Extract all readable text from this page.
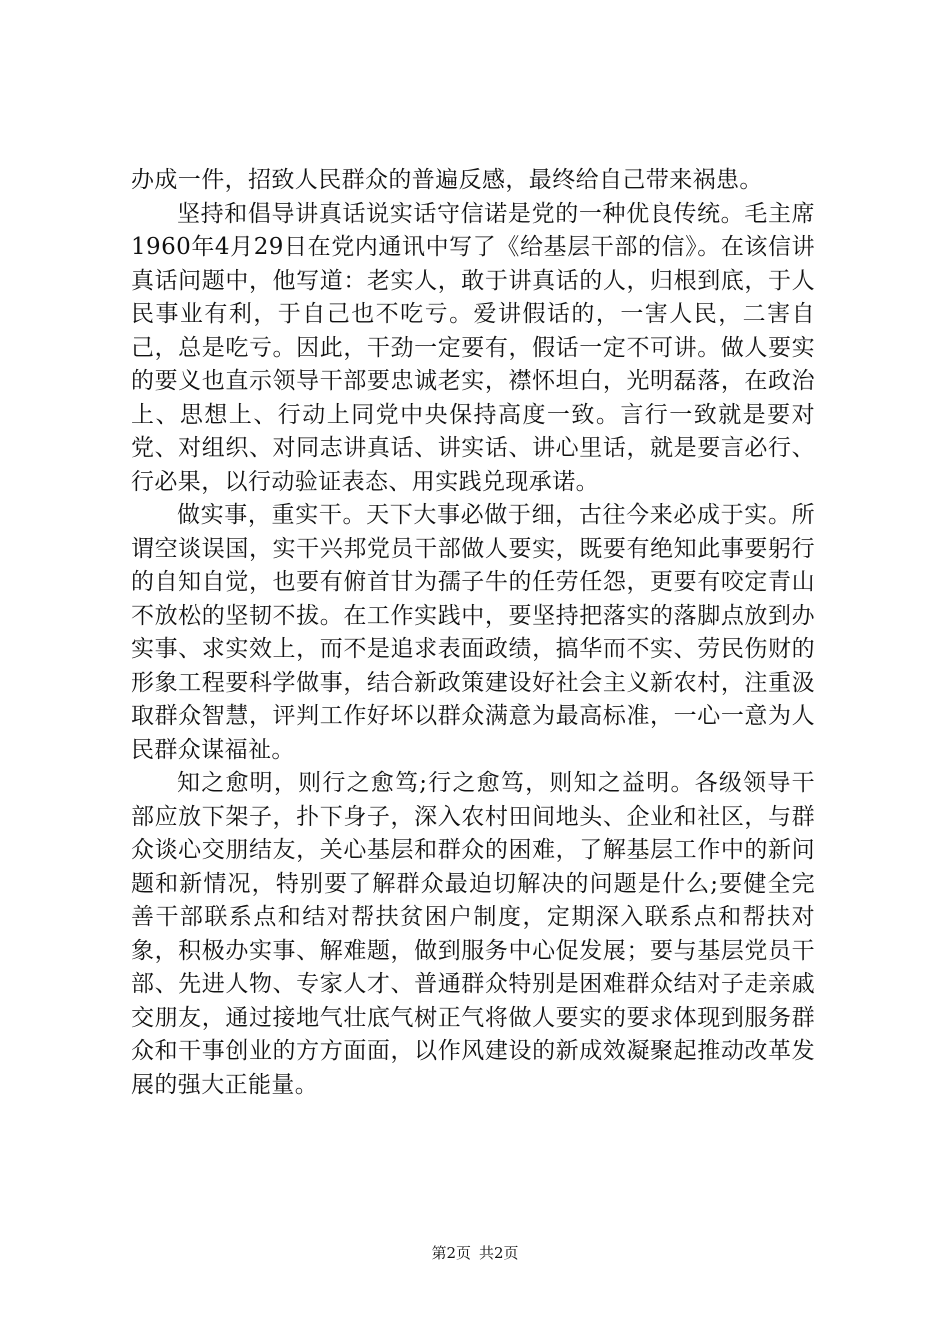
办成一件，招致人民群众的普遍反感，最终给自己带来祸患。

坚持和倡导讲真话说实话守信诺是党的一种优良传统。毛主席1960年4月29日在党内通讯中写了《给基层干部的信》。在该信讲真话问题中，他写道：老实人，敢于讲真话的人，归根到底，于人民事业有利，于自己也不吃亏。爱讲假话的，一害人民，二害自己，总是吃亏。因此，干劲一定要有，假话一定不可讲。做人要实的要义也直示领导干部要忠诚老实，襟怀坦白，光明磊落，在政治上、思想上、行动上同党中央保持高度一致。言行一致就是要对党、对组织、对同志讲真话、讲实话、讲心里话，就是要言必行、行必果，以行动验证表态、用实践兑现承诺。

做实事，重实干。天下大事必做于细，古往今来必成于实。所谓空谈误国，实干兴邦党员干部做人要实，既要有绝知此事要躬行的自知自觉，也要有俯首甘为孺子牛的任劳任怨，更要有咬定青山不放松的坚韧不拔。在工作实践中，要坚持把落实的落脚点放到办实事、求实效上，而不是追求表面政绩，搞华而不实、劳民伤财的形象工程要科学做事，结合新政策建设好社会主义新农村，注重汲取群众智慧，评判工作好坏以群众满意为最高标准，一心一意为人民群众谋福祉。

知之愈明，则行之愈笃;行之愈笃，则知之益明。各级领导干部应放下架子，扑下身子，深入农村田间地头、企业和社区，与群众谈心交朋结友，关心基层和群众的困难，了解基层工作中的新问题和新情况，特别要了解群众最迫切解决的问题是什么;要健全完善干部联系点和结对帮扶贫困户制度，定期深入联系点和帮扶对象，积极办实事、解难题，做到服务中心促发展；要与基层党员干部、先进人物、专家人才、普通群众特别是困难群众结对子走亲戚交朋友，通过接地气壮底气树正气将做人要实的要求体现到服务群众和干事创业的方方面面，以作风建设的新成效凝聚起推动改革发展的强大正能量。

第2页 共2页
